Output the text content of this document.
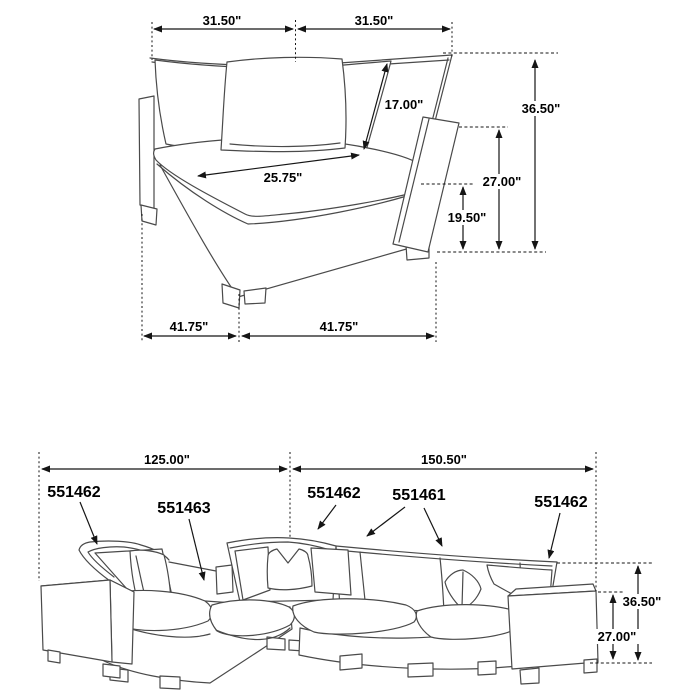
31.50"	31.50"
36.50"
27.00"
19.50"
17.00"
25.75"
41.75"	41.75"
125.00"	150.50"
551462
551463
551462 551461	551462
36.50"
27.00"
